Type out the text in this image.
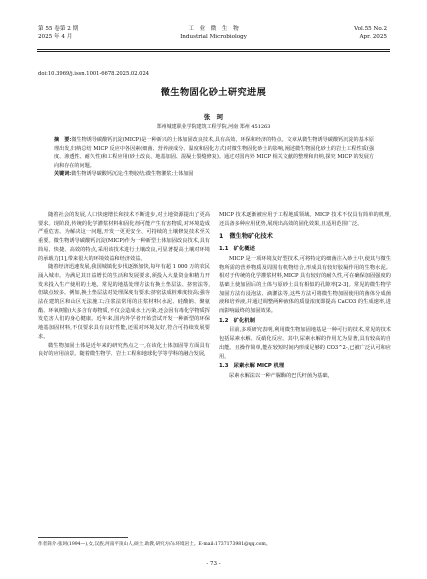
第 55 卷第 2 期
2025 年 4 月
工　业　微　生　物
Industrial Microbiology
Vol.55 No.2
Apr. 2025
doi:10.3969/j.issn.1001-6678.2025.02.024
微生物固化砂土研究进展
张　珂
郑州城建职业学院建筑工程学院,河南 郑州 451263
摘　要:微生物诱导碳酸钙沉淀(MICP)是一种新兴的土体加固改良技术,具有高效、环保和经济的特点。文章从微生物诱导碳酸钙沉淀的基本原理出发,归纳总结 MICP 反应中各因素(细菌、营养液成分、温度和固化方式)对微生物固化砂土的影响,阐述微生物固化砂土的岩土工程性质(强度、渗透性、耐久性)和工程应用(砂土改良、地基加固、混凝土裂缝修复)。通过对国内外 MICP 相关文献的整理和归纳,探究 MICP 的发展方向和存在的问题。
关键词:微生物诱导碳酸钙沉淀;生物胶结;微生物灌浆;土体加固

随着社会的发展,人口快速增长和技术不断进步,对土地资源提出了更高要求。现阶段,传统的化学灌浆材料和固化剂可能产生有害物质,对环境造成严重危害。为解决这一问题,开发一更更安全、可持续的土壤修复技术至关重要。微生物诱导碳酸钙沉淀(MICP)作为一种新型土体加固改良技术,具有简易、快捷、高效的特点,采用该技术进行土壤改良,可显著提高土壤对环境的承载力[1],带来很大的环境效益和经济效益。

随着经济迅速发展,我国城镇化步伐逐渐加快,每年有超 1 000 万的农民涌入城市。为满足其日益增长的生活和发展要求,须投入大量资金和精力开发未投入生产使用的土地。常见的地基处理方法有换土垫层法、挤密法等,但缺点较多。例如,换土垫层法对处理深度有要求;挤密法成桩难度较高;强夯法在建筑区和山区无法施工;注浆法常用的注浆材料(水泥、硅酸钠、聚氨酯、环氧树脂)大多含有毒物质,不仅会造成水土污染,还会因有毒化学物质挥发危害人们的身心健康。近年来,国内外学者开始尝试开发一种新型的环保地基加固材料,不仅要求具有良好性能,还需对环境友好,符合可持续发展要求。

微生物加固土体是近年来的研究热点之一,在该化土体加固等方面具有良好的应用前景。随着微生物学、岩土工程和地球化学等学科的融合发展,

MICP 技术逐渐被应用于工程地质领域。MICP 技术不仅具有简单的机理,还具备多种应用优势,展现出高效的固化效果,且适用范围广泛。

1　微生物矿化技术
1.1　矿化概述

MICP 是一项环境友好型技术,可将特定的细菌注入砂土中,使其与微生物所需的营养物质及周围有机物结合,形成具有较好胶凝作用的生物水泥。相对于传统的化学灌浆材料,MICP 具有较好的耐久性,可在确保加固强度的基础上使加固后的土体与原砂土具有相似的孔隙率[2-3]。常见的微生物学加固方法有浸泡法、滴灌法等,这些方法可将微生物加固使用的菌体分成菌液和培养液,并通过调整两种液体的质量浓度即提高 CaCO3 的生成速率,进而影响最终的加固效果。

1.2　矿化机制

目前,多项研究表明,利用微生物加固地基是一种可行的技术,常见的技术包括尿素水解、反硝化反应。其中,尿素水解的作用尤为显著,具有较高的自出能。且操作简单,能在较短时间内形成足够的 CO3^2-,已被广泛认可和应用。

1.3　尿素水解 MICP 机理

尿素水解法以一种产脲酶的巴氏杆菌为基础,

作者简介:张珂(1994—),女,汉族,河南平顶山人,硕士,助教,研究方向:环境岩土。E-mail:1737173981@qq.com。
- 73 -
